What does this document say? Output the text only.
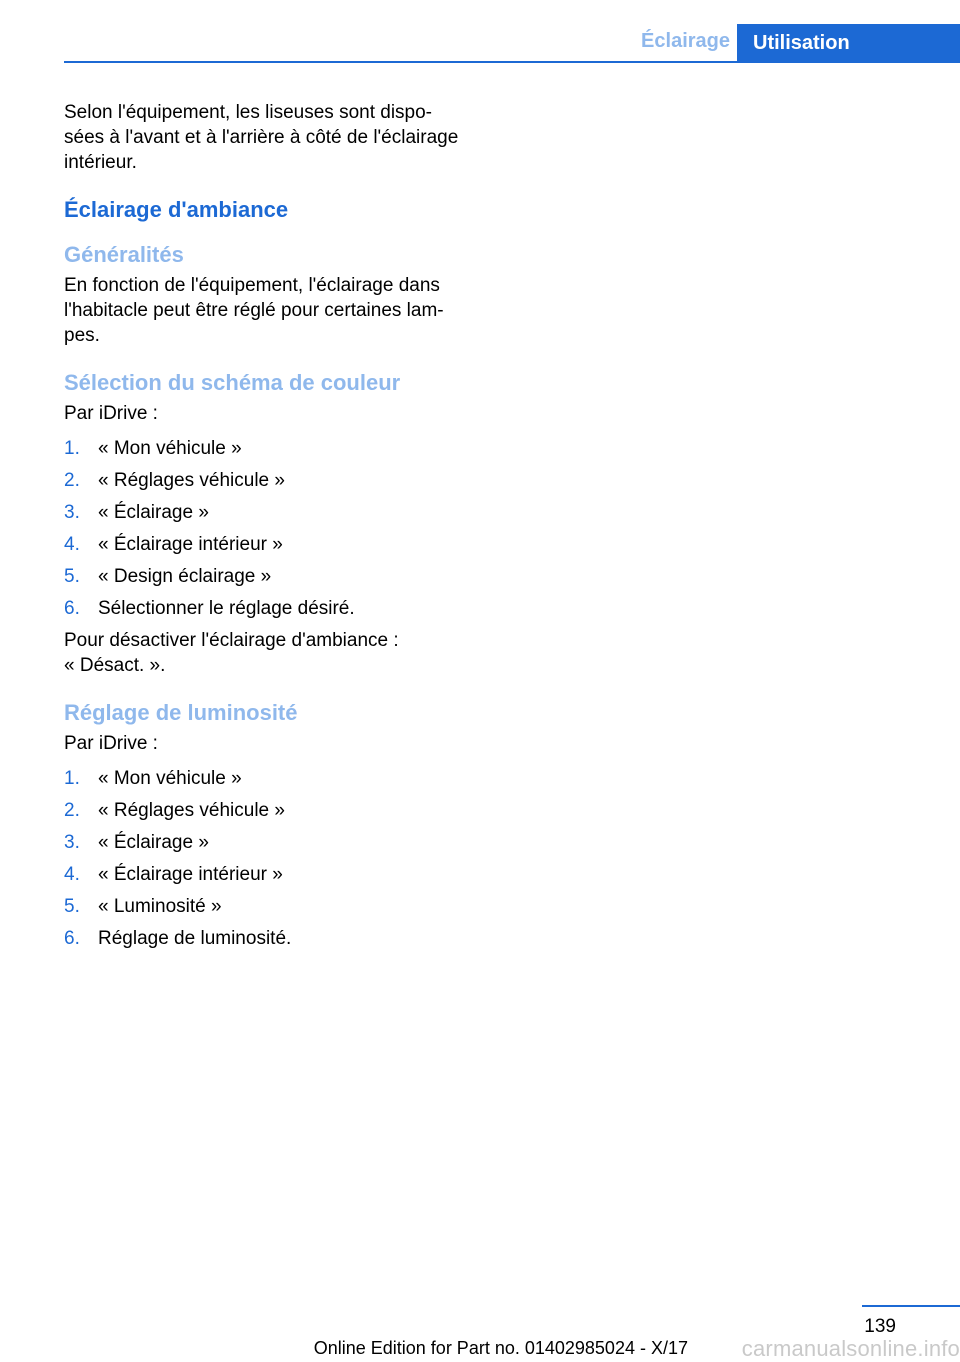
Éclairage	Utilisation

Selon l'équipement, les liseuses sont dispo‐
sées à l'avant et à l'arrière à côté de l'éclairage
intérieur.

Éclairage d'ambiance
Généralités

En fonction de l'équipement, l'éclairage dans
l'habitacle peut être réglé pour certaines lam‐
pes.

Sélection du schéma de couleur

Par iDrive :

1. « Mon véhicule »
2. « Réglages véhicule »
3. « Éclairage »
4. « Éclairage intérieur »
5. « Design éclairage »
6. Sélectionner le réglage désiré.

Pour désactiver l'éclairage d'ambiance :
« Désact. ».

Réglage de luminosité

Par iDrive :

1. « Mon véhicule »
2. « Réglages véhicule »
3. « Éclairage »
4. « Éclairage intérieur »
5. « Luminosité »
6. Réglage de luminosité.
139
carmanualsonline.info
Online Edition for Part no. 01402985024 - X/17
